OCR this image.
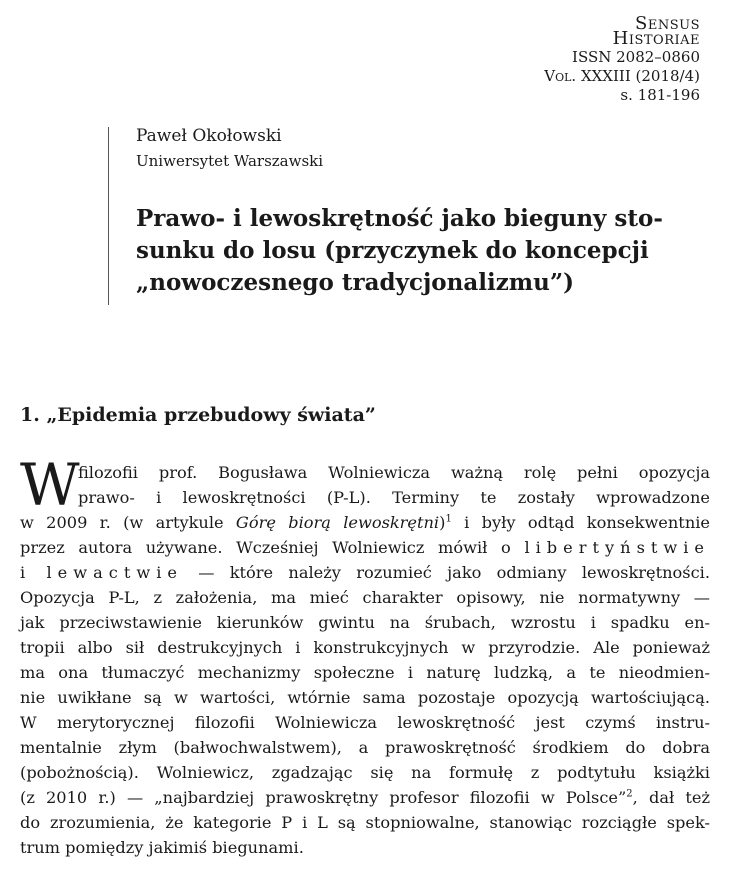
Sensus
Historiae
ISSN 2082–0860
Vol. XXXIII (2018/4)
s. 181-196
Paweł Okołowski
Uniwersytet Warszawski
Prawo- i lewoskrętność jako bieguny sto-
sunku do losu (przyczynek do koncepcji
„nowoczesnego tradycjonalizmu”)
1. „Epidemia przebudowy świata”
W
filozofii prof. Bogusława Wolniewicza ważną rolę pełni opozycja
prawo- i lewoskrętności (P-L). Terminy te zostały wprowadzone
w 2009 r. (w artykule Górę biorą lewoskrętni)$^1$ i były odtąd konsekwentnie
przez autora używane. Wcześniej Wolniewicz mówił o libertyństwie
i lewactwie — które należy rozumieć jako odmiany lewoskrętności.
Opozycja P-L, z założenia, ma mieć charakter opisowy, nie normatywny —
jak przeciwstawienie kierunków gwintu na śrubach, wzrostu i spadku en-
tropii albo sił destrukcyjnych i konstrukcyjnych w przyrodzie. Ale ponieważ
ma ona tłumaczyć mechanizmy społeczne i naturę ludzką, a te nieodmien-
nie uwikłane są w wartości, wtórnie sama pozostaje opozycją wartościującą.
W merytorycznej filozofii Wolniewicza lewoskrętność jest czymś instru-
mentalnie złym (bałwochwalstwem), a prawoskrętność środkiem do dobra
(pobożnością). Wolniewicz, zgadzając się na formułę z podtytułu książki
(z 2010 r.) — „najbardziej prawoskrętny profesor filozofii w Polsce”$^2$, dał też
do zrozumienia, że kategorie P i L są stopniowalne, stanowiąc rozciągłe spek-
trum pomiędzy jakimiś biegunami.
